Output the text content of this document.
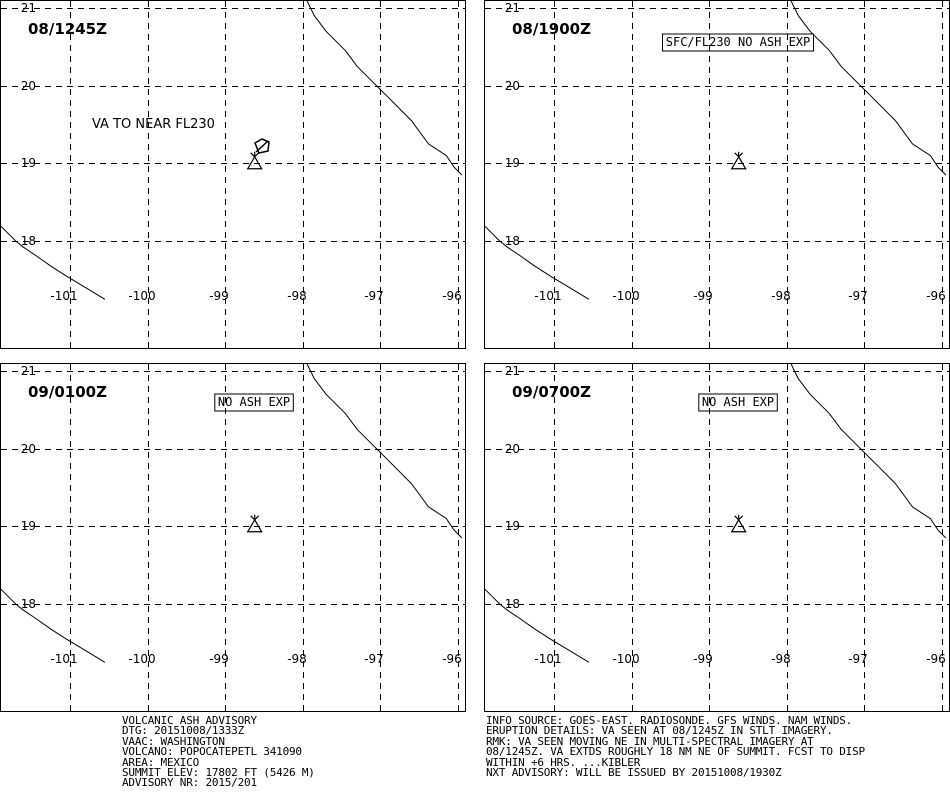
21
20
19
18
-101	-100	-99	-98	-97	-96
08/1245Z
VA TO NEAR FL230
21
20
19
18
-101	-100	-99	-98	-97	-96
08/1900Z
SFC/FL230 NO ASH EXP
21
20
19
18
-101	-100	-99	-98	-97	-96
09/0100Z
NO ASH EXP
21
20
19
18
-101	-100	-99	-98	-97	-96
09/0700Z
NO ASH EXP
VOLCANIC ASH ADVISORY
DTG: 20151008/1333Z
VAAC: WASHINGTON
VOLCANO: POPOCATEPETL 341090
AREA: MEXICO
SUMMIT ELEV: 17802 FT (5426 M)
ADVISORY NR: 2015/201
INFO SOURCE: GOES-EAST. RADIOSONDE. GFS WINDS. NAM WINDS.
ERUPTION DETAILS: VA SEEN AT 08/1245Z IN STLT IMAGERY.
RMK: VA SEEN MOVING NE IN MULTI-SPECTRAL IMAGERY AT
08/1245Z. VA EXTDS ROUGHLY 18 NM NE OF SUMMIT. FCST TO DISP
WITHIN +6 HRS. ...KIBLER
NXT ADVISORY: WILL BE ISSUED BY 20151008/1930Z
